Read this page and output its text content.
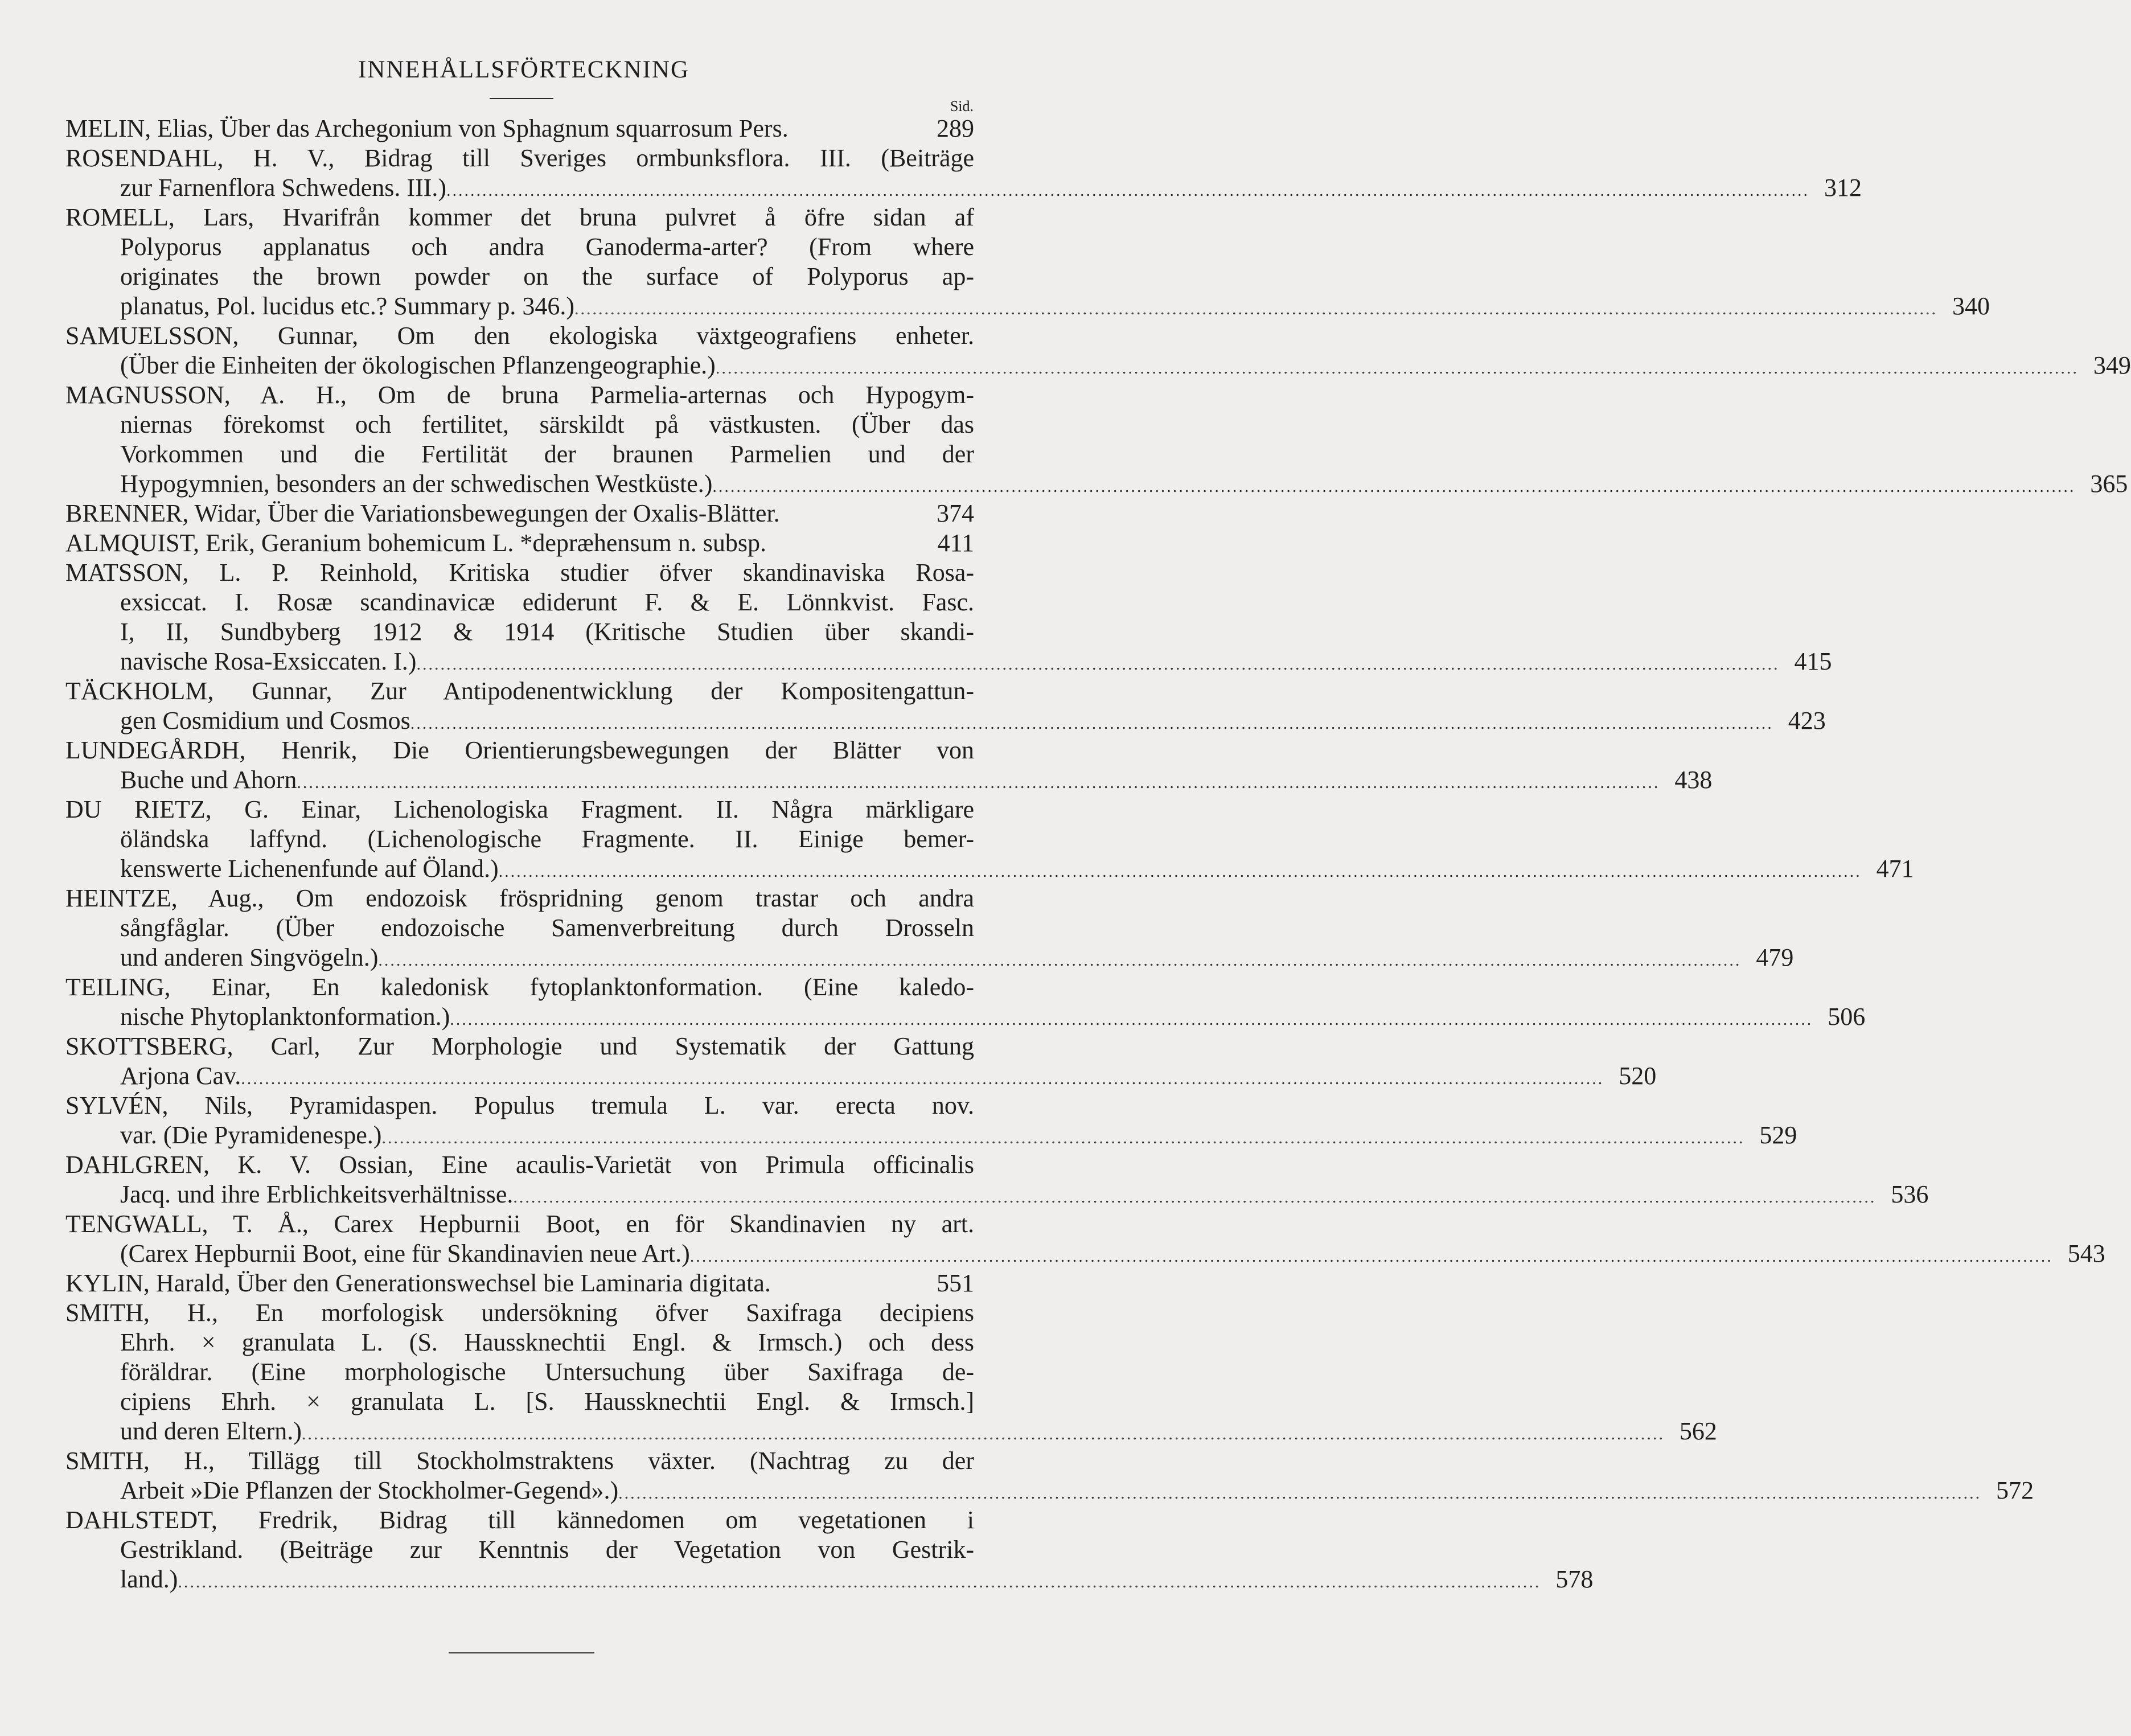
INNEHÅLLSFÖRTECKNING
Sid.
MELIN, Elias, Über das Archegonium von Sphagnum squarrosum Pers.	289
ROSENDAHL, H. V., Bidrag till Sveriges ormbunksflora. III. (Beiträge
zur Farnenflora Schwedens. III.) .....	312
ROMELL, Lars, Hvarifrån kommer det bruna pulvret å öfre sidan af
Polyporus applanatus och andra Ganoderma-arter? (From where
originates the brown powder on the surface of Polyporus ap-
planatus, Pol. lucidus etc.? Summary p. 346.) .....	340
SAMUELSSON, Gunnar, Om den ekologiska växtgeografiens enheter.
(Über die Einheiten der ökologischen Pflanzengeographie.) .....	349
MAGNUSSON, A. H., Om de bruna Parmelia-arternas och Hypogym-
niernas förekomst och fertilitet, särskildt på västkusten. (Über das
Vorkommen und die Fertilität der braunen Parmelien und der
Hypogymnien, besonders an der schwedischen Westküste.) .....	365
BRENNER, Widar, Über die Variationsbewegungen der Oxalis-Blätter.	374
ALMQUIST, Erik, Geranium bohemicum L. *depræhensum n. subsp.	411
MATSSON, L. P. Reinhold, Kritiska studier öfver skandinaviska Rosa-
exsiccat. I. Rosæ scandinavicæ ediderunt F. & E. Lönnkvist. Fasc.
I, II, Sundbyberg 1912 & 1914 (Kritische Studien über skandi-
navische Rosa-Exsiccaten. I.) .....	415
TÄCKHOLM, Gunnar, Zur Antipodenentwicklung der Kompositengattun-
gen Cosmidium und Cosmos .....	423
LUNDEGÅRDH, Henrik, Die Orientierungsbewegungen der Blätter von
Buche und Ahorn .....	438
DU RIETZ, G. Einar, Lichenologiska Fragment. II. Några märkligare
öländska laffynd. (Lichenologische Fragmente. II. Einige bemer-
kenswerte Lichenenfunde auf Öland.) .....	471
HEINTZE, Aug., Om endozoisk fröspridning genom trastar och andra
sångfåglar. (Über endozoische Samenverbreitung durch Drosseln
und anderen Singvögeln.) .....	479
TEILING, Einar, En kaledonisk fytoplanktonformation. (Eine kaledo-
nische Phytoplanktonformation.) .....	506
SKOTTSBERG, Carl, Zur Morphologie und Systematik der Gattung
Arjona Cav. .....	520
SYLVÉN, Nils, Pyramidaspen. Populus tremula L. var. erecta nov.
var. (Die Pyramidenespe.) .....	529
DAHLGREN, K. V. Ossian, Eine acaulis-Varietät von Primula officinalis
Jacq. und ihre Erblichkeitsverhältnisse. .....	536
TENGWALL, T. Å., Carex Hepburnii Boot, en för Skandinavien ny art.
(Carex Hepburnii Boot, eine für Skandinavien neue Art.) .....	543
KYLIN, Harald, Über den Generationswechsel bie Laminaria digitata.	551
SMITH, H., En morfologisk undersökning öfver Saxifraga decipiens
Ehrh. × granulata L. (S. Haussknechtii Engl. & Irmsch.) och dess
föräldrar. (Eine morphologische Untersuchung über Saxifraga de-
cipiens Ehrh. × granulata L. [S. Haussknechtii Engl. & Irmsch.]
und deren Eltern.) .....	562
SMITH, H., Tillägg till Stockholmstraktens växter. (Nachtrag zu der
Arbeit »Die Pflanzen der Stockholmer-Gegend».) .....	572
DAHLSTEDT, Fredrik, Bidrag till kännedomen om vegetationen i
Gestrikland. (Beiträge zur Kenntnis der Vegetation von Gestrik-
land.) .....	578
